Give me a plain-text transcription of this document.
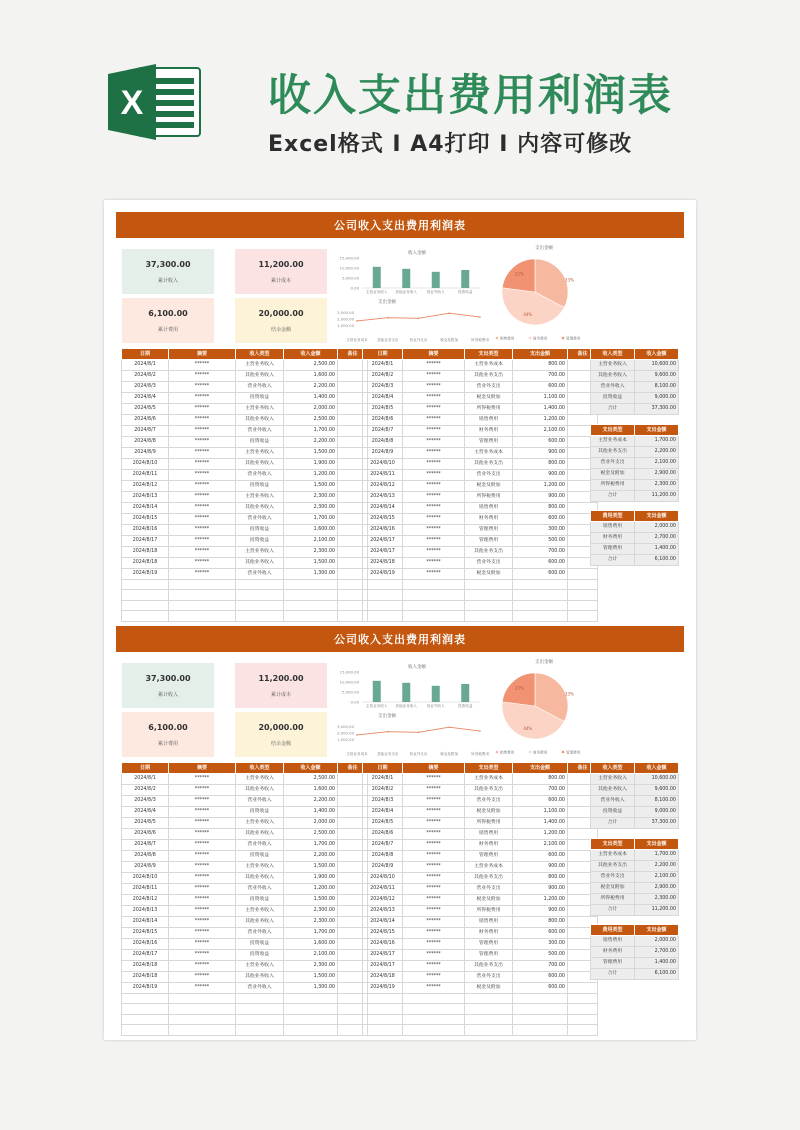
X	收入支出费用利润表
Excel格式 I A4打印 I 内容可修改
公司收入支出费用利润表
37,300.00
累计收入
11,200.00
累计成本
6,100.00
累计费用
20,000.00
结余金额
日期	摘要	收入类型	收入金额	备注
2024/8/1	******	主营业务收入	2,500.00	
2024/8/2	******	其他业务收入	1,600.00	
2024/8/3	******	营业外收入	2,200.00	
2024/8/4	******	投资收益	1,400.00	
2024/8/5	******	主营业务收入	2,000.00	
2024/8/6	******	其他业务收入	2,500.00	
2024/8/7	******	营业外收入	1,700.00	
2024/8/8	******	投资收益	2,200.00	
2024/8/9	******	主营业务收入	1,500.00	
2024/8/10	******	其他业务收入	1,900.00	
2024/8/11	******	营业外收入	1,200.00	
2024/8/12	******	投资收益	1,500.00	
2024/8/13	******	主营业务收入	2,300.00	
2024/8/14	******	其他业务收入	2,300.00	
2024/8/15	******	营业外收入	1,700.00	
2024/8/16	******	投资收益	1,600.00	
2024/8/17	******	投资收益	2,100.00	
2024/8/18	******	主营业务收入	2,300.00	
2024/8/18	******	其他业务收入	1,500.00	
2024/8/19	******	营业外收入	1,300.00	

日期	摘要	支出类型	支出金额	备注
2024/8/1	******	主营业务成本	800.00	
2024/8/2	******	其他业务支出	700.00	
2024/8/3	******	营业外支出	600.00	
2024/8/4	******	税金及附加	1,100.00	
2024/8/5	******	所得税费用	1,400.00	
2024/8/6	******	销售费用	1,200.00	
2024/8/7	******	财务费用	2,100.00	
2024/8/8	******	管理费用	600.00	
2024/8/9	******	主营业务成本	900.00	
2024/8/10	******	其他业务支出	800.00	
2024/8/11	******	营业外支出	900.00	
2024/8/12	******	税金及附加	1,200.00	
2024/8/13	******	所得税费用	900.00	
2024/8/14	******	销售费用	800.00	
2024/8/15	******	财务费用	600.00	
2024/8/16	******	管理费用	300.00	
2024/8/17	******	管理费用	500.00	
2024/8/17	******	其他业务支出	700.00	
2024/8/18	******	营业外支出	600.00	
2024/8/19	******	税金及附加	600.00	

收入类型	收入金额
主营业务收入	10,600.00
其他业务收入	9,600.00
营业外收入	8,100.00
投资收益	9,000.00
合计	37,300.00
支出类型	支出金额
主营业务成本	1,700.00
其他业务支出	2,200.00
营业外支出	2,100.00
税金及附加	2,900.00
所得税费用	2,300.00
合计	11,200.00
费用类型	支出金额
销售费用	2,000.00
财务费用	2,700.00
管理费用	1,400.00
合计	6,100.00
收入金额
15,000.00
10,000.00
5,000.00
0.00
主营业务收入 其他业务收入	营业外收入	投资收益
支出金额
3,000.00
2,000.00
1,000.00
主营业务成本	其他业务支出	营业外支出	税金及附加	所得税费用
支出金额
33%
44%
23%
销售费用	财务费用	管理费用
公司收入支出费用利润表
37,300.00
累计收入
11,200.00
累计成本
6,100.00
累计费用
20,000.00
结余金额
日期	摘要	收入类型	收入金额	备注
2024/8/1	******	主营业务收入	2,500.00	
2024/8/2	******	其他业务收入	1,600.00	
2024/8/3	******	营业外收入	2,200.00	
2024/8/4	******	投资收益	1,400.00	
2024/8/5	******	主营业务收入	2,000.00	
2024/8/6	******	其他业务收入	2,500.00	
2024/8/7	******	营业外收入	1,700.00	
2024/8/8	******	投资收益	2,200.00	
2024/8/9	******	主营业务收入	1,500.00	
2024/8/10	******	其他业务收入	1,900.00	
2024/8/11	******	营业外收入	1,200.00	
2024/8/12	******	投资收益	1,500.00	
2024/8/13	******	主营业务收入	2,300.00	
2024/8/14	******	其他业务收入	2,300.00	
2024/8/15	******	营业外收入	1,700.00	
2024/8/16	******	投资收益	1,600.00	
2024/8/17	******	投资收益	2,100.00	
2024/8/18	******	主营业务收入	2,300.00	
2024/8/18	******	其他业务收入	1,500.00	
2024/8/19	******	营业外收入	1,300.00	

日期	摘要	支出类型	支出金额	备注
2024/8/1	******	主营业务成本	800.00	
2024/8/2	******	其他业务支出	700.00	
2024/8/3	******	营业外支出	600.00	
2024/8/4	******	税金及附加	1,100.00	
2024/8/5	******	所得税费用	1,400.00	
2024/8/6	******	销售费用	1,200.00	
2024/8/7	******	财务费用	2,100.00	
2024/8/8	******	管理费用	600.00	
2024/8/9	******	主营业务成本	900.00	
2024/8/10	******	其他业务支出	800.00	
2024/8/11	******	营业外支出	900.00	
2024/8/12	******	税金及附加	1,200.00	
2024/8/13	******	所得税费用	900.00	
2024/8/14	******	销售费用	800.00	
2024/8/15	******	财务费用	600.00	
2024/8/16	******	管理费用	300.00	
2024/8/17	******	管理费用	500.00	
2024/8/17	******	其他业务支出	700.00	
2024/8/18	******	营业外支出	600.00	
2024/8/19	******	税金及附加	600.00	

收入类型	收入金额
主营业务收入	10,600.00
其他业务收入	9,600.00
营业外收入	8,100.00
投资收益	9,000.00
合计	37,300.00
支出类型	支出金额
主营业务成本	1,700.00
其他业务支出	2,200.00
营业外支出	2,100.00
税金及附加	2,900.00
所得税费用	2,300.00
合计	11,200.00
费用类型	支出金额
销售费用	2,000.00
财务费用	2,700.00
管理费用	1,400.00
合计	6,100.00
收入金额
15,000.00
10,000.00
5,000.00
0.00
主营业务收入 其他业务收入	营业外收入	投资收益
支出金额
3,000.00
2,000.00
1,000.00
主营业务成本	其他业务支出	营业外支出	税金及附加	所得税费用
支出金额
33%
44%
23%
销售费用	财务费用	管理费用
